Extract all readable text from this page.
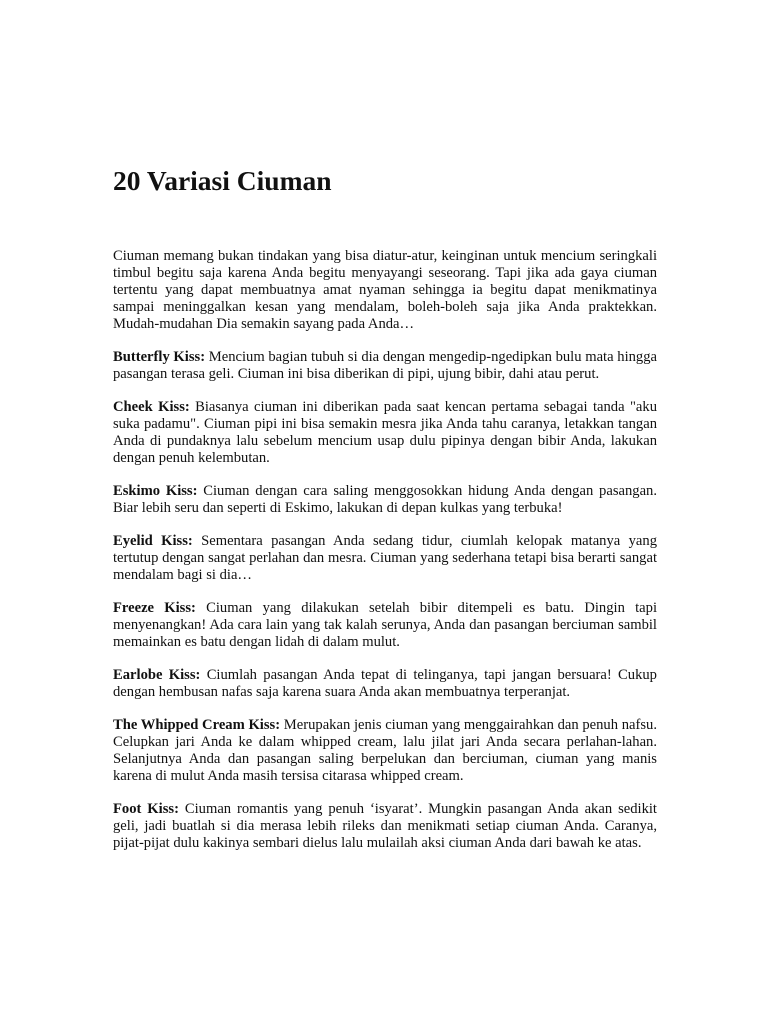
20 Variasi Ciuman

Ciuman memang bukan tindakan yang bisa diatur-atur, keinginan untuk mencium seringkali timbul begitu saja karena Anda begitu menyayangi seseorang. Tapi jika ada gaya ciuman tertentu yang dapat membuatnya amat nyaman sehingga ia begitu dapat menikmatinya sampai meninggalkan kesan yang mendalam, boleh-boleh saja jika Anda praktekkan. Mudah-mudahan Dia semakin sayang pada Anda…

Butterfly Kiss: Mencium bagian tubuh si dia dengan mengedip-ngedipkan bulu mata hingga pasangan terasa geli. Ciuman ini bisa diberikan di pipi, ujung bibir, dahi atau perut.

Cheek Kiss: Biasanya ciuman ini diberikan pada saat kencan pertama sebagai tanda "aku suka padamu". Ciuman pipi ini bisa semakin mesra jika Anda tahu caranya, letakkan tangan Anda di pundaknya lalu sebelum mencium usap dulu pipinya dengan bibir Anda, lakukan dengan penuh kelembutan.

Eskimo Kiss: Ciuman dengan cara saling menggosokkan hidung Anda dengan pasangan. Biar lebih seru dan seperti di Eskimo, lakukan di depan kulkas yang terbuka!

Eyelid Kiss: Sementara pasangan Anda sedang tidur, ciumlah kelopak matanya yang tertutup dengan sangat perlahan dan mesra. Ciuman yang sederhana tetapi bisa berarti sangat mendalam bagi si dia…

Freeze Kiss: Ciuman yang dilakukan setelah bibir ditempeli es batu. Dingin tapi menyenangkan! Ada cara lain yang tak kalah serunya, Anda dan pasangan berciuman sambil memainkan es batu dengan lidah di dalam mulut.

Earlobe Kiss: Ciumlah pasangan Anda tepat di telinganya, tapi jangan bersuara! Cukup dengan hembusan nafas saja karena suara Anda akan membuatnya terperanjat.

The Whipped Cream Kiss: Merupakan jenis ciuman yang menggairahkan dan penuh nafsu. Celupkan jari Anda ke dalam whipped cream, lalu jilat jari Anda secara perlahan-lahan. Selanjutnya Anda dan pasangan saling berpelukan dan berciuman, ciuman yang manis karena di mulut Anda masih tersisa citarasa whipped cream.

Foot Kiss: Ciuman romantis yang penuh ‘isyarat’. Mungkin pasangan Anda akan sedikit geli, jadi buatlah si dia merasa lebih rileks dan menikmati setiap ciuman Anda. Caranya, pijat-pijat dulu kakinya sembari dielus lalu mulailah aksi ciuman Anda dari bawah ke atas.
